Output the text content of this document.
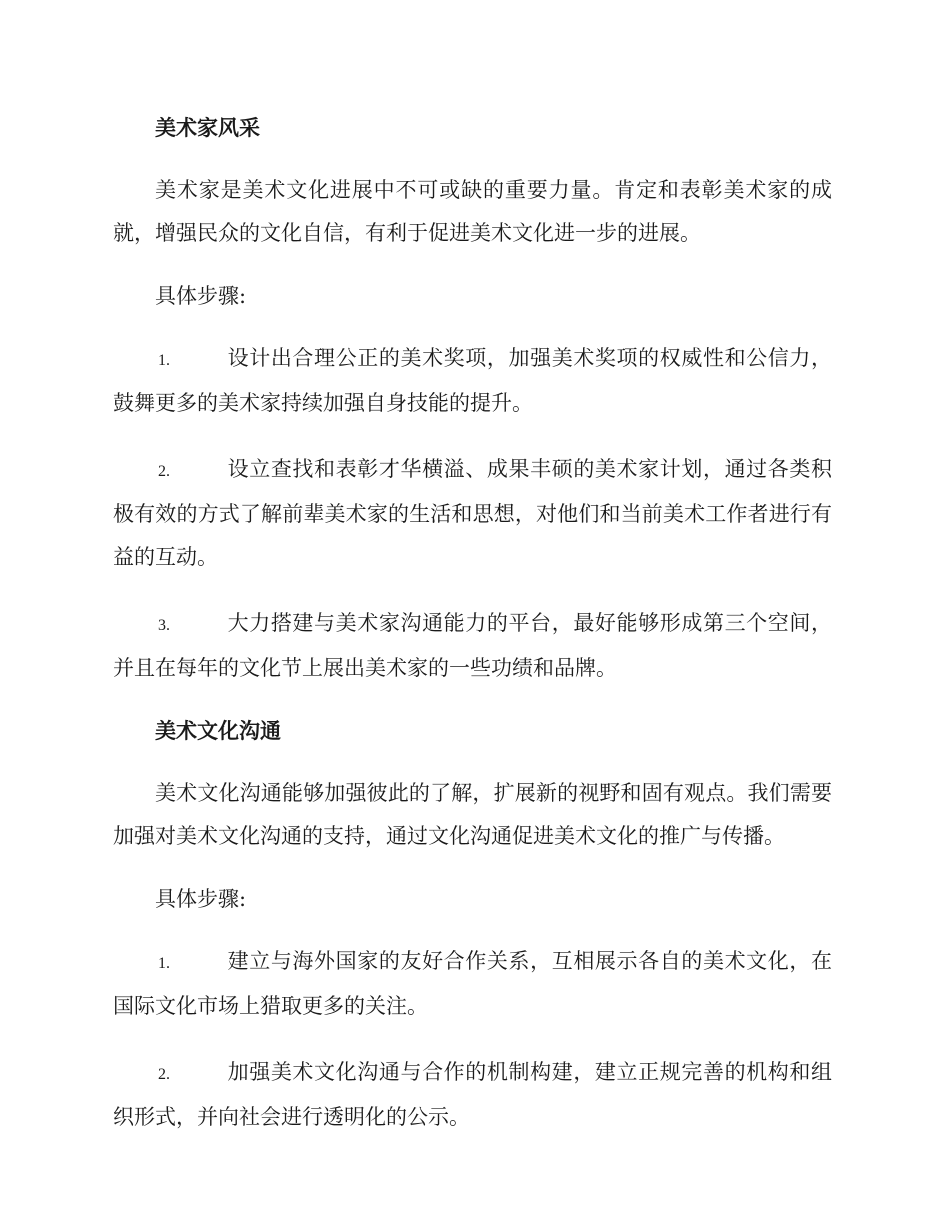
美术家风采

美术家是美术文化进展中不可或缺的重要力量。肯定和表彰美术家的成就，增强民众的文化自信，有利于促进美术文化进一步的进展。

具体步骤:
1.	设计出合理公正的美术奖项，加强美术奖项的权威性和公信力，鼓舞更多的美术家持续加强自身技能的提升。
2.	设立查找和表彰才华横溢、成果丰硕的美术家计划，通过各类积极有效的方式了解前辈美术家的生活和思想，对他们和当前美术工作者进行有益的互动。
3.	大力搭建与美术家沟通能力的平台，最好能够形成第三个空间，并且在每年的文化节上展出美术家的一些功绩和品牌。
美术文化沟通

美术文化沟通能够加强彼此的了解，扩展新的视野和固有观点。我们需要加强对美术文化沟通的支持，通过文化沟通促进美术文化的推广与传播。

具体步骤:
1.	建立与海外国家的友好合作关系，互相展示各自的美术文化，在国际文化市场上猎取更多的关注。
2.	加强美术文化沟通与合作的机制构建，建立正规完善的机构和组织形式，并向社会进行透明化的公示。
